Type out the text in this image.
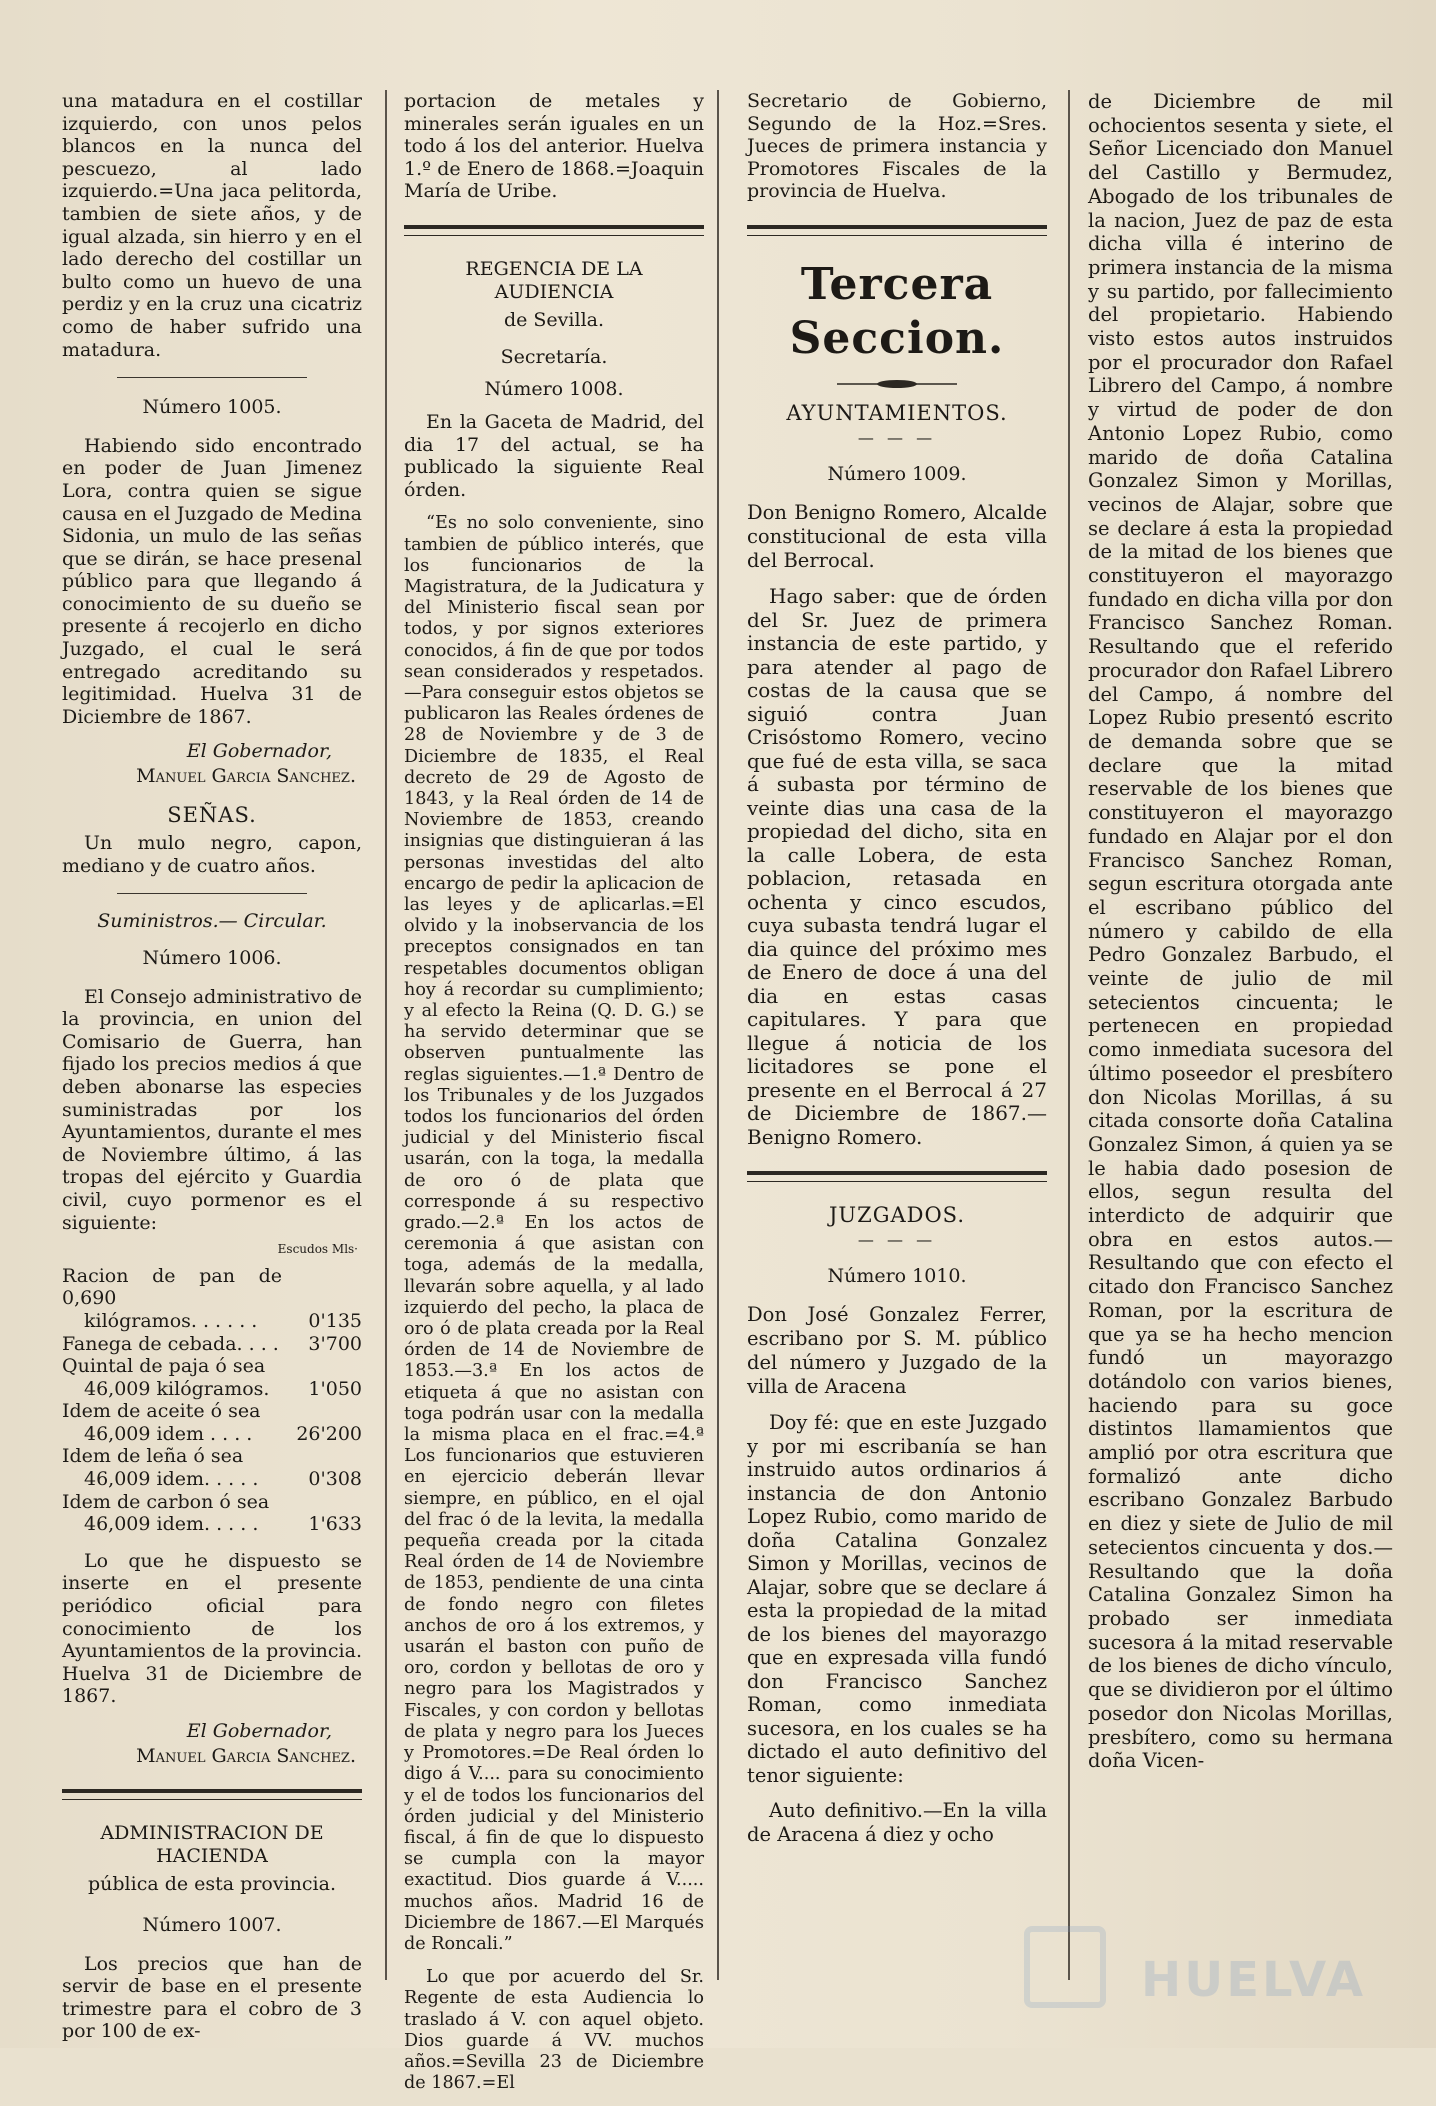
una matadura en el costillar izquierdo, con unos pelos blancos en la nunca del pescuezo, al lado izquierdo.=Una jaca pelitorda, tambien de siete años, y de igual alzada, sin hierro y en el lado derecho del costillar un bulto como un huevo de una perdiz y en la cruz una cicatriz como de haber sufrido una matadura.

Número 1005.

Habiendo sido encontrado en poder de Juan Jimenez Lora, contra quien se sigue causa en el Juzgado de Medina Sidonia, un mulo de las señas que se dirán, se hace presenal público para que llegando á conocimiento de su dueño se presente á recojerlo en dicho Juzgado, el cual le será entregado acreditando su legitimidad. Huelva 31 de Diciembre de 1867.

El Gobernador,
Manuel Garcia Sanchez.
SEÑAS.

Un mulo negro, capon, mediano y de cuatro años.

Suministros.— Circular.
Número 1006.

El Consejo administrativo de la provincia, en union del Comisario de Guerra, han fijado los precios medios á que deben abonarse las especies suministradas por los Ayuntamientos, durante el mes de Noviembre último, á las tropas del ejército y Guardia civil, cuyo pormenor es el siguiente:

Escudos Mls·
Racion de pan de 0,690
kilógramos. . . . . .	0'135
Fanega de cebada. . . .	3'700
Quintal de paja ó sea
46,009 kilógramos.	1'050
Idem de aceite ó sea
46,009 idem . . . .	26'200
Idem de leña ó sea
46,009 idem. . . . .	0'308
Idem de carbon ó sea
46,009 idem. . . . .	1'633

Lo que he dispuesto se inserte en el presente periódico oficial para conocimiento de los Ayuntamientos de la provincia. Huelva 31 de Diciembre de 1867.

El Gobernador,
Manuel Garcia Sanchez.
ADMINISTRACION DE HACIENDA
pública de esta provincia.
Número 1007.

Los precios que han de servir de base en el presente trimestre para el cobro de 3 por 100 de ex-

portacion de metales y minerales serán iguales en un todo á los del anterior. Huelva 1.º de Enero de 1868.=Joaquin María de Uribe.

REGENCIA DE LA AUDIENCIA
de Sevilla.
Secretaría.
Número 1008.

En la Gaceta de Madrid, del dia 17 del actual, se ha publicado la siguiente Real órden.

“Es no solo conveniente, sino tambien de público interés, que los funcionarios de la Magistratura, de la Judicatura y del Ministerio fiscal sean por todos, y por signos exteriores conocidos, á fin de que por todos sean considerados y respetados.—Para conseguir estos objetos se publicaron las Reales órdenes de 28 de Noviembre y de 3 de Diciembre de 1835, el Real decreto de 29 de Agosto de 1843, y la Real órden de 14 de Noviembre de 1853, creando insignias que distinguieran á las personas investidas del alto encargo de pedir la aplicacion de las leyes y de aplicarlas.=El olvido y la inobservancia de los preceptos consignados en tan respetables documentos obligan hoy á recordar su cumplimiento; y al efecto la Reina (Q. D. G.) se ha servido determinar que se observen puntualmente las reglas siguientes.—1.ª Dentro de los Tribunales y de los Juzgados todos los funcionarios del órden judicial y del Ministerio fiscal usarán, con la toga, la medalla de oro ó de plata que corresponde á su respectivo grado.—2.ª En los actos de ceremonia á que asistan con toga, además de la medalla, llevarán sobre aquella, y al lado izquierdo del pecho, la placa de oro ó de plata creada por la Real órden de 14 de Noviembre de 1853.—3.ª En los actos de etiqueta á que no asistan con toga podrán usar con la medalla la misma placa en el frac.=4.ª Los funcionarios que estuvieren en ejercicio deberán llevar siempre, en público, en el ojal del frac ó de la levita, la medalla pequeña creada por la citada Real órden de 14 de Noviembre de 1853, pendiente de una cinta de fondo negro con filetes anchos de oro á los extremos, y usarán el baston con puño de oro, cordon y bellotas de oro y negro para los Magistrados y Fiscales, y con cordon y bellotas de plata y negro para los Jueces y Promotores.=De Real órden lo digo á V.... para su conocimiento y el de todos los funcionarios del órden judicial y del Ministerio fiscal, á fin de que lo dispuesto se cumpla con la mayor exactitud. Dios guarde á V..... muchos años. Madrid 16 de Diciembre de 1867.—El Marqués de Roncali.”

Lo que por acuerdo del Sr. Regente de esta Audiencia lo traslado á V. con aquel objeto. Dios guarde á VV. muchos años.=Sevilla 23 de Diciembre de 1867.=El

Secretario de Gobierno, Segundo de la Hoz.=Sres. Jueces de primera instancia y Promotores Fiscales de la provincia de Huelva.

Tercera Seccion.
AYUNTAMIENTOS.
— — —
Número 1009.

Don Benigno Romero, Alcalde constitucional de esta villa del Berrocal.

Hago saber: que de órden del Sr. Juez de primera instancia de este partido, y para atender al pago de costas de la causa que se siguió contra Juan Crisóstomo Romero, vecino que fué de esta villa, se saca á subasta por término de veinte dias una casa de la propiedad del dicho, sita en la calle Lobera, de esta poblacion, retasada en ochenta y cinco escudos, cuya subasta tendrá lugar el dia quince del próximo mes de Enero de doce á una del dia en estas casas capitulares. Y para que llegue á noticia de los licitadores se pone el presente en el Berrocal á 27 de Diciembre de 1867.—Benigno Romero.

JUZGADOS.
— — —
Número 1010.

Don José Gonzalez Ferrer, escribano por S. M. público del número y Juzgado de la villa de Aracena

Doy fé: que en este Juzgado y por mi escribanía se han instruido autos ordinarios á instancia de don Antonio Lopez Rubio, como marido de doña Catalina Gonzalez Simon y Morillas, vecinos de Alajar, sobre que se declare á esta la propiedad de la mitad de los bienes del mayorazgo que en expresada villa fundó don Francisco Sanchez Roman, como inmediata sucesora, en los cuales se ha dictado el auto definitivo del tenor siguiente:

Auto definitivo.—En la villa de Aracena á diez y ocho

de Diciembre de mil ochocientos sesenta y siete, el Señor Licenciado don Manuel del Castillo y Bermudez, Abogado de los tribunales de la nacion, Juez de paz de esta dicha villa é interino de primera instancia de la misma y su partido, por fallecimiento del propietario. Habiendo visto estos autos instruidos por el procurador don Rafael Librero del Campo, á nombre y virtud de poder de don Antonio Lopez Rubio, como marido de doña Catalina Gonzalez Simon y Morillas, vecinos de Alajar, sobre que se declare á esta la propiedad de la mitad de los bienes que constituyeron el mayorazgo fundado en dicha villa por don Francisco Sanchez Roman. Resultando que el referido procurador don Rafael Librero del Campo, á nombre del Lopez Rubio presentó escrito de demanda sobre que se declare que la mitad reservable de los bienes que constituyeron el mayorazgo fundado en Alajar por el don Francisco Sanchez Roman, segun escritura otorgada ante el escribano público del número y cabildo de ella Pedro Gonzalez Barbudo, el veinte de julio de mil setecientos cincuenta; le pertenecen en propiedad como inmediata sucesora del último poseedor el presbítero don Nicolas Morillas, á su citada consorte doña Catalina Gonzalez Simon, á quien ya se le habia dado posesion de ellos, segun resulta del interdicto de adquirir que obra en estos autos.—Resultando que con efecto el citado don Francisco Sanchez Roman, por la escritura de que ya se ha hecho mencion fundó un mayorazgo dotándolo con varios bienes, haciendo para su goce distintos llamamientos que amplió por otra escritura que formalizó ante dicho escribano Gonzalez Barbudo en diez y siete de Julio de mil setecientos cincuenta y dos.—Resultando que la doña Catalina Gonzalez Simon ha probado ser inmediata sucesora á la mitad reservable de los bienes de dicho vínculo, que se dividieron por el último posedor don Nicolas Morillas, presbítero, como su hermana doña Vicen-

HUELVA
